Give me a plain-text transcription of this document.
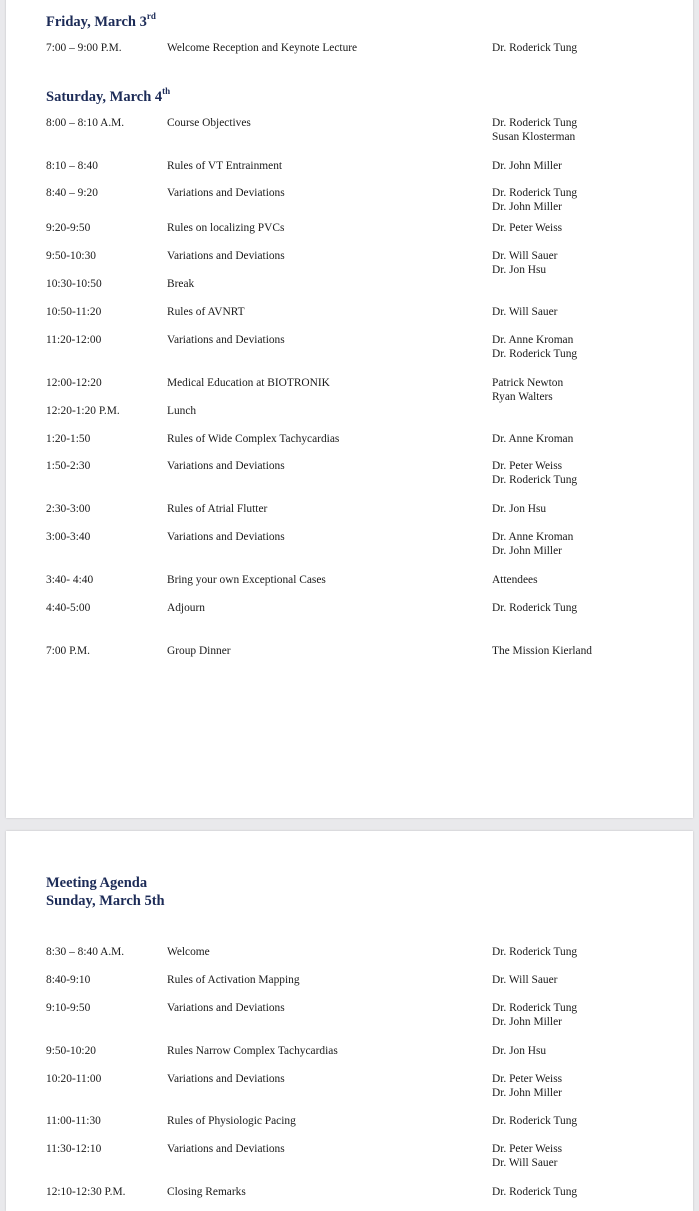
Friday, March 3rd
Saturday, March 4th
7:00 – 9:00 P.M.	Welcome Reception and Keynote Lecture	Dr. Roderick Tung
8:00 – 8:10 A.M.	Course Objectives	Dr. Roderick Tung
Susan Klosterman
8:10 – 8:40	Rules of VT Entrainment	Dr. John Miller
8:40 – 9:20	Variations and Deviations	Dr. Roderick Tung
Dr. John Miller
9:20-9:50	Rules on localizing PVCs	Dr. Peter Weiss
9:50-10:30	Variations and Deviations	Dr. Will Sauer
Dr. Jon Hsu
10:30-10:50	Break
10:50-11:20	Rules of AVNRT	Dr. Will Sauer
11:20-12:00	Variations and Deviations	Dr. Anne Kroman
Dr. Roderick Tung
12:00-12:20	Medical Education at BIOTRONIK	Patrick Newton
Ryan Walters
12:20-1:20 P.M.	Lunch
1:20-1:50	Rules of Wide Complex Tachycardias	Dr. Anne Kroman
1:50-2:30	Variations and Deviations	Dr. Peter Weiss
Dr. Roderick Tung
2:30-3:00	Rules of Atrial Flutter	Dr. Jon Hsu
3:00-3:40	Variations and Deviations	Dr. Anne Kroman
Dr. John Miller
3:40- 4:40	Bring your own Exceptional Cases	Attendees
4:40-5:00	Adjourn	Dr. Roderick Tung
7:00 P.M.	Group Dinner	The Mission Kierland
Meeting Agenda
Sunday, March 5th
8:30 – 8:40 A.M.	Welcome	Dr. Roderick Tung
8:40-9:10	Rules of Activation Mapping	Dr. Will Sauer
9:10-9:50	Variations and Deviations	Dr. Roderick Tung
Dr. John Miller
9:50-10:20	Rules Narrow Complex Tachycardias	Dr. Jon Hsu
10:20-11:00	Variations and Deviations	Dr. Peter Weiss
Dr. John Miller
11:00-11:30	Rules of Physiologic Pacing	Dr. Roderick Tung
11:30-12:10	Variations and Deviations	Dr. Peter Weiss
Dr. Will Sauer
12:10-12:30 P.M.	Closing Remarks	Dr. Roderick Tung
